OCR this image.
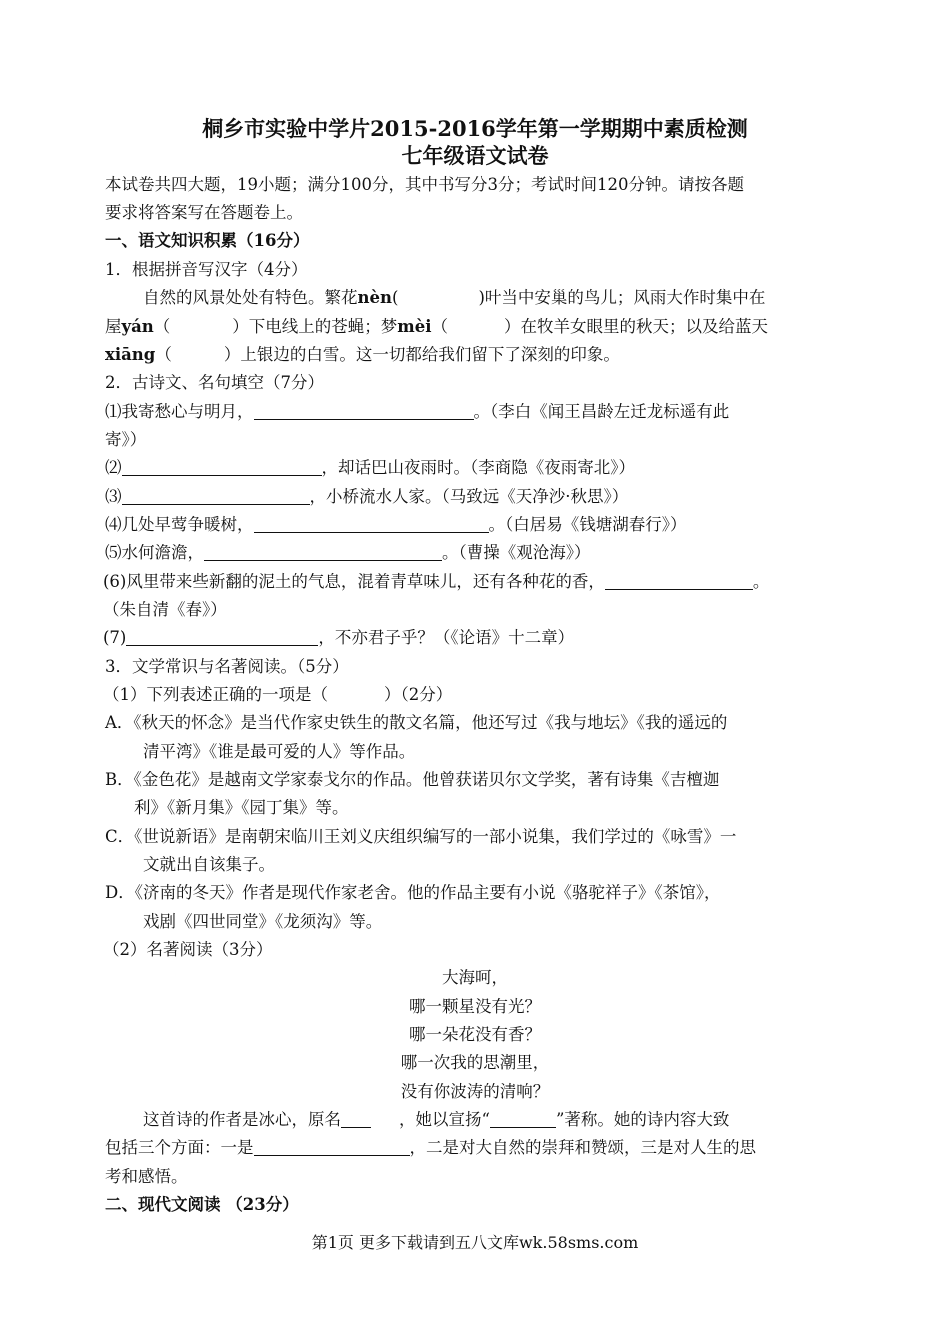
桐乡市实验中学片2015-2016学年第一学期期中素质检测
七年级语文试卷
本试卷共四大题，19小题；满分100分，其中书写分3分；考试时间120分钟。请按各题
要求将答案写在答题卷上。
一、语文知识积累（16分）
1．根据拼音写汉字（4分）
自然的风景处处有特色。繁花nèn(	)叶当中安巢的鸟儿；风雨大作时集中在
屋yán（	）下电线上的苍蝇；梦mèi（	）在牧羊女眼里的秋天；以及给蓝天
xiāng（	）上银边的白雪。这一切都给我们留下了深刻的印象。
2．古诗文、名句填空（7分）
⑴我寄愁心与明月，	。（李白《闻王昌龄左迁龙标遥有此
寄》）
⑵	，却话巴山夜雨时。（李商隐《夜雨寄北》）
⑶	，小桥流水人家。（马致远《天净沙·秋思》）
⑷几处早莺争暖树，	。（白居易《钱塘湖春行》）
⑸水何澹澹，	。（曹操《观沧海》）
(6)风里带来些新翻的泥土的气息，混着青草味儿，还有各种花的香，	。
（朱自清《春》）
(7)	，不亦君子乎？（《论语》十二章）
3．文学常识与名著阅读。（5分）
（1）下列表述正确的一项是（	）（2分）
A．《秋天的怀念》是当代作家史铁生的散文名篇，他还写过《我与地坛》《我的遥远的
清平湾》《谁是最可爱的人》等作品。
B．《金色花》是越南文学家泰戈尔的作品。他曾获诺贝尔文学奖，著有诗集《吉檀迦
利》《新月集》《园丁集》等。
C．《世说新语》是南朝宋临川王刘义庆组织编写的一部小说集，我们学过的《咏雪》一
文就出自该集子。
D．《济南的冬天》作者是现代作家老舍。他的作品主要有小说《骆驼祥子》《茶馆》，
戏剧《四世同堂》《龙须沟》等。
（2）名著阅读（3分）
大海呵，
哪一颗星没有光？
哪一朵花没有香？
哪一次我的思潮里，
没有你波涛的清响？
这首诗的作者是冰心，原名	，她以宣扬“	”著称。她的诗内容大致
包括三个方面：一是	，二是对大自然的崇拜和赞颂，三是对人生的思
考和感悟。
二、现代文阅读 （23分）
第1页 更多下载请到五八文库wk.58sms.com
